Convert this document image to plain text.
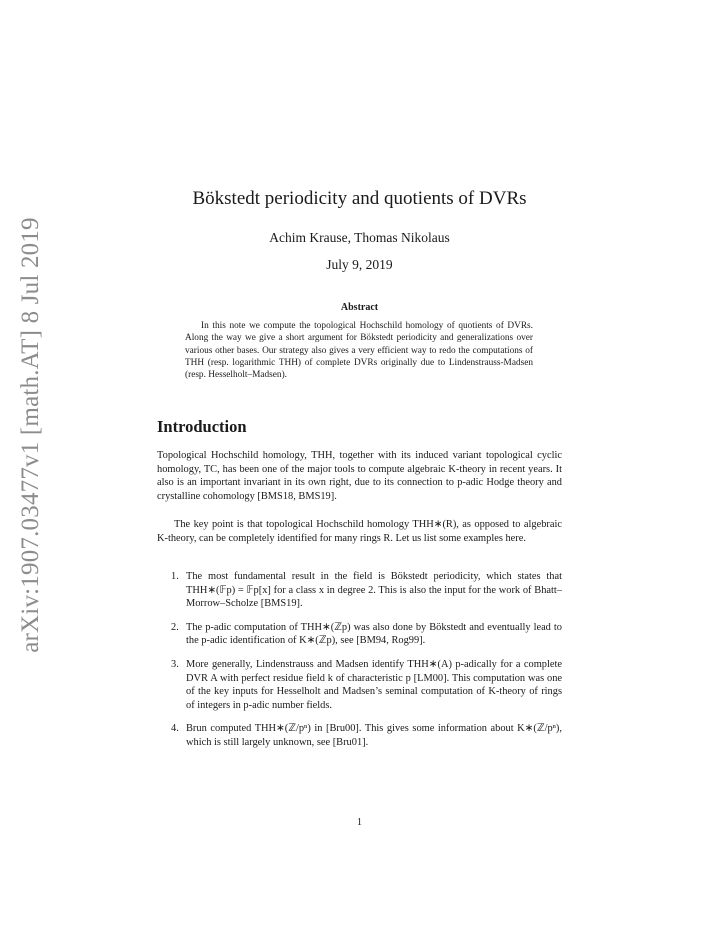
arXiv:1907.03477v1 [math.AT] 8 Jul 2019
Bökstedt periodicity and quotients of DVRs
Achim Krause, Thomas Nikolaus
July 9, 2019
Abstract
In this note we compute the topological Hochschild homology of quotients of DVRs. Along the way we give a short argument for Bökstedt periodicity and generalizations over various other bases. Our strategy also gives a very efficient way to redo the computations of THH (resp. logarithmic THH) of complete DVRs originally due to Lindenstrauss-Madsen (resp. Hesselholt–Madsen).
Introduction
Topological Hochschild homology, THH, together with its induced variant topological cyclic homology, TC, has been one of the major tools to compute algebraic K-theory in recent years. It also is an important invariant in its own right, due to its connection to p-adic Hodge theory and crystalline cohomology [BMS18, BMS19].
The key point is that topological Hochschild homology THH∗(R), as opposed to algebraic K-theory, can be completely identified for many rings R. Let us list some examples here.
1. The most fundamental result in the field is Bökstedt periodicity, which states that THH∗(𝔽p) = 𝔽p[x] for a class x in degree 2. This is also the input for the work of Bhatt–Morrow–Scholze [BMS19].
2. The p-adic computation of THH∗(ℤp) was also done by Bökstedt and eventually lead to the p-adic identification of K∗(ℤp), see [BM94, Rog99].
3. More generally, Lindenstrauss and Madsen identify THH∗(A) p-adically for a complete DVR A with perfect residue field k of characteristic p [LM00]. This computation was one of the key inputs for Hesselholt and Madsen’s seminal computation of K-theory of rings of integers in p-adic number fields.
4. Brun computed THH∗(ℤ/pⁿ) in [Bru00]. This gives some information about K∗(ℤ/pⁿ), which is still largely unknown, see [Bru01].
1
